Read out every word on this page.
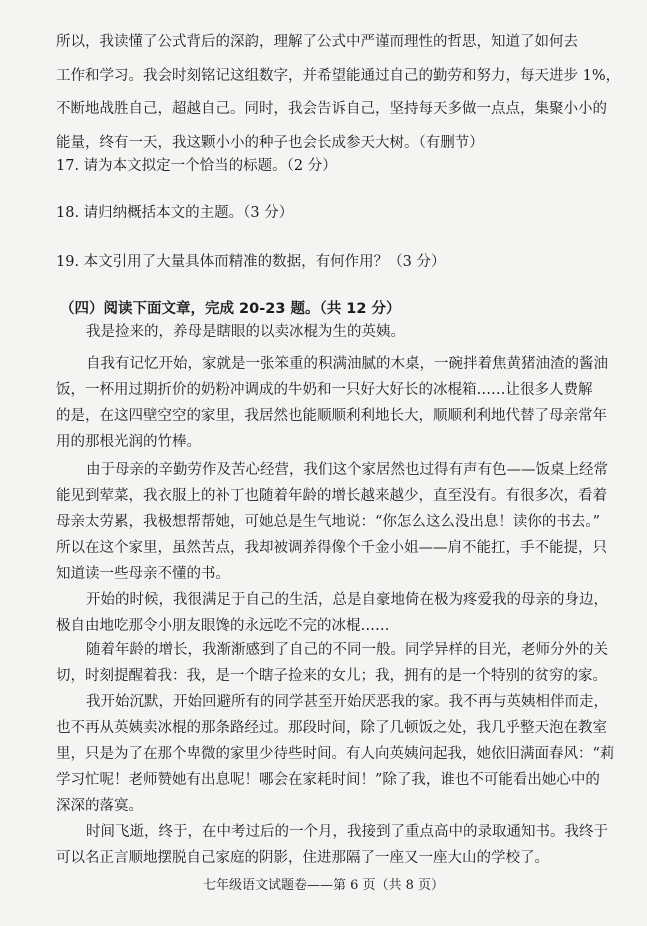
所以，我读懂了公式背后的深韵，理解了公式中严谨而理性的哲思，知道了如何去
工作和学习。我会时刻铭记这组数字，并希望能通过自己的勤劳和努力，每天进步 1%，
不断地战胜自己，超越自己。同时，我会告诉自己，坚持每天多做一点点，集聚小小的
能量，终有一天，我这颗小小的种子也会长成参天大树。（有删节）
17. 请为本文拟定一个恰当的标题。（2 分）
18. 请归纳概括本文的主题。（3 分）
19. 本文引用了大量具体而精准的数据，有何作用？（3 分）
（四）阅读下面文章，完成 20-23 题。（共 12 分）
我是捡来的，养母是瞎眼的以卖冰棍为生的英姨。
自我有记忆开始，家就是一张笨重的积满油腻的木桌，一碗拌着焦黄猪油渣的酱油
饭，一杯用过期折价的奶粉冲调成的牛奶和一只好大好长的冰棍箱……让很多人费解
的是，在这四壁空空的家里，我居然也能顺顺利利地长大，顺顺利利地代替了母亲常年
用的那根光润的竹棒。
由于母亲的辛勤劳作及苦心经营，我们这个家居然也过得有声有色——饭桌上经常
能见到荤菜，我衣服上的补丁也随着年龄的增长越来越少，直至没有。有很多次，看着
母亲太劳累，我极想帮帮她，可她总是生气地说：“你怎么这么没出息！读你的书去。”
所以在这个家里，虽然苦点，我却被调养得像个千金小姐——肩不能扛，手不能提，只
知道读一些母亲不懂的书。
开始的时候，我很满足于自己的生活，总是自豪地倚在极为疼爱我的母亲的身边，
极自由地吃那令小朋友眼馋的永远吃不完的冰棍……
随着年龄的增长，我渐渐感到了自己的不同一般。同学异样的目光，老师分外的关
切，时刻提醒着我：我，是一个瞎子捡来的女儿；我，拥有的是一个特别的贫穷的家。
我开始沉默，开始回避所有的同学甚至开始厌恶我的家。我不再与英姨相伴而走，
也不再从英姨卖冰棍的那条路经过。那段时间，除了几顿饭之处，我几乎整天泡在教室
里，只是为了在那个卑微的家里少待些时间。有人向英姨问起我，她依旧满面春风：“莉
学习忙呢！老师赞她有出息呢！哪会在家耗时间！”除了我，谁也不可能看出她心中的
深深的落寞。
时间飞逝，终于，在中考过后的一个月，我接到了重点高中的录取通知书。我终于
可以名正言顺地摆脱自己家庭的阴影，住进那隔了一座又一座大山的学校了。
七年级语文试题卷——第 6 页（共 8 页）
